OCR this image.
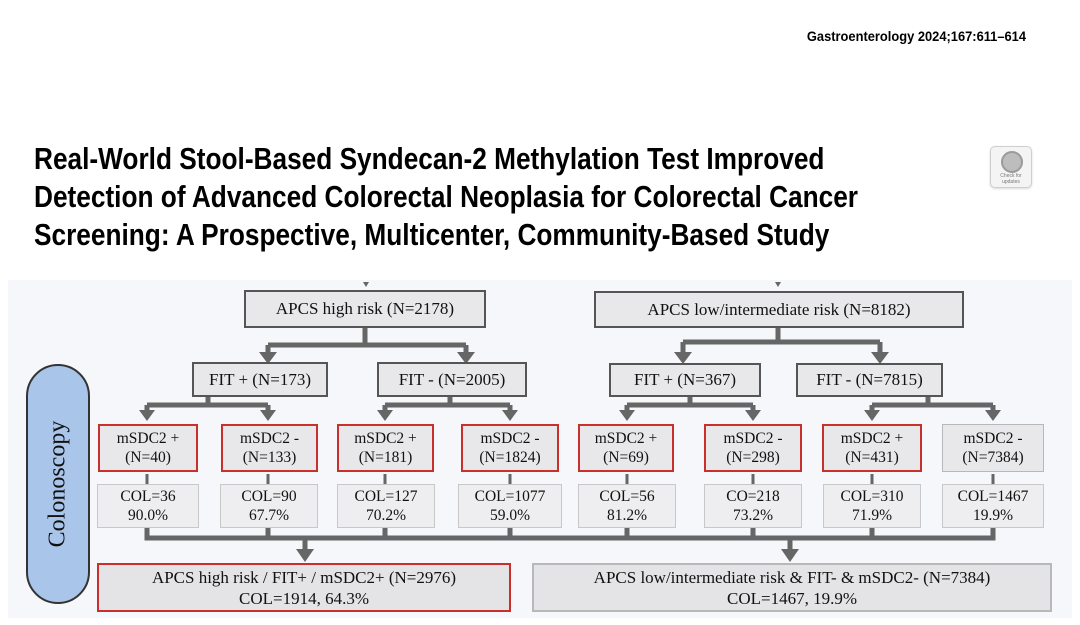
Gastroenterology 2024;167:611–614
Real-World Stool-Based Syndecan-2 Methylation Test Improved
Detection of Advanced Colorectal Neoplasia for Colorectal Cancer
Screening: A Prospective, Multicenter, Community-Based Study
Check for updates
Colonoscopy
APCS high risk (N=2178)	APCS low/intermediate risk (N=8182)
FIT + (N=173)	FIT - (N=2005)	FIT + (N=367)	FIT - (N=7815)
mSDC2 +
(N=40)
mSDC2 -
(N=133)
mSDC2 +
(N=181)
mSDC2 -
(N=1824)
mSDC2 +
(N=69)
mSDC2 -
(N=298)
mSDC2 +
(N=431)
mSDC2 -
(N=7384)
COL=36
90.0%
COL=90
67.7%
COL=127
70.2%
COL=1077
59.0%
COL=56
81.2%
CO=218
73.2%
COL=310
71.9%
COL=1467
19.9%
APCS high risk / FIT+ / mSDC2+ (N=2976)
COL=1914, 64.3%
APCS low/intermediate risk & FIT- & mSDC2- (N=7384)
COL=1467, 19.9%
